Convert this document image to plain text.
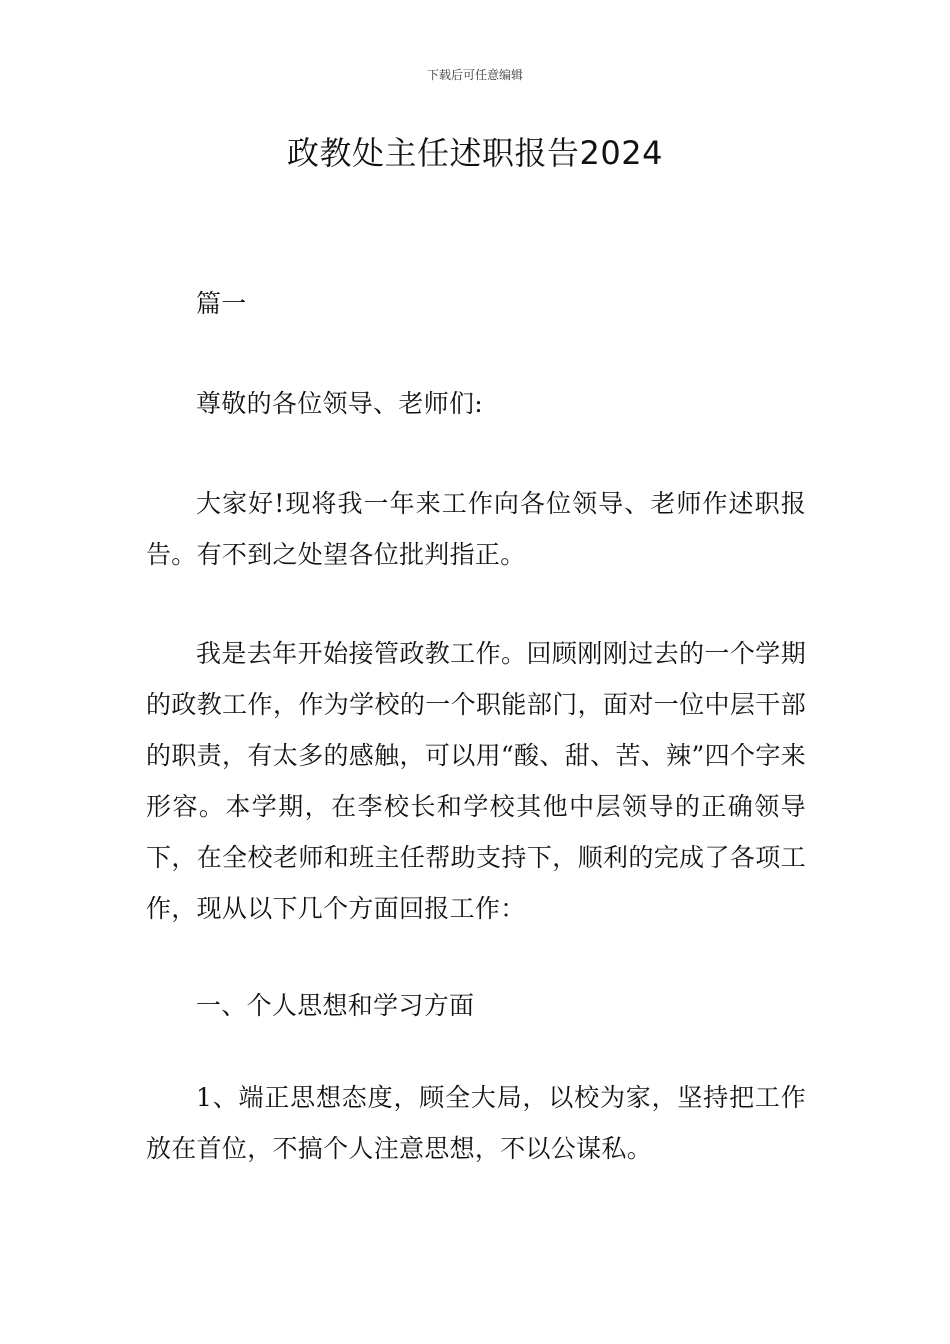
下载后可任意编辑
政教处主任述职报告2024

篇一

尊敬的各位领导、老师们:

大家好!现将我一年来工作向各位领导、老师作述职报告。有不到之处望各位批判指正。

我是去年开始接管政教工作。回顾刚刚过去的一个学期的政教工作，作为学校的一个职能部门，面对一位中层干部的职责，有太多的感触，可以用“酸、甜、苦、辣”四个字来形容。本学期，在李校长和学校其他中层领导的正确领导下，在全校老师和班主任帮助支持下，顺利的完成了各项工作，现从以下几个方面回报工作：

一、个人思想和学习方面

1、端正思想态度，顾全大局，以校为家，坚持把工作放在首位，不搞个人注意思想，不以公谋私。
